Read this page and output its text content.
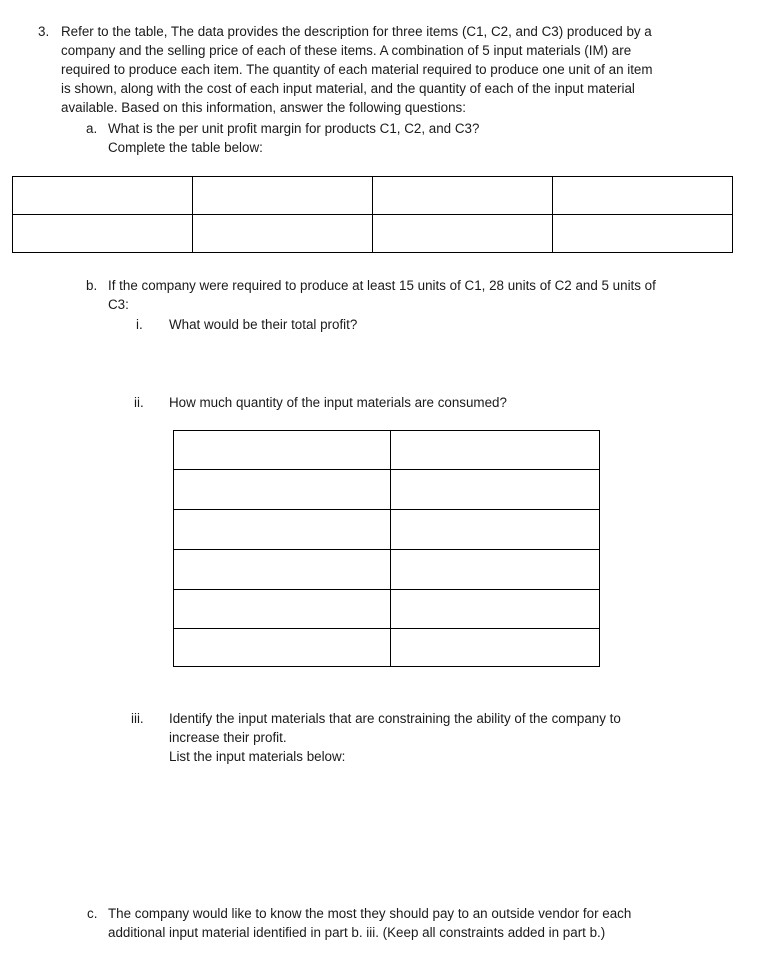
3. Refer to the table, The data provides the description for three items (C1, C2, and C3) produced by a
company and the selling price of each of these items. A combination of 5 input materials (IM) are
required to produce each item. The quantity of each material required to produce one unit of an item
is shown, along with the cost of each input material, and the quantity of each of the input material
available. Based on this information, answer the following questions:
a. What is the per unit profit margin for products C1, C2, and C3?
Complete the table below:

b. If the company were required to produce at least 15 units of C1, 28 units of C2 and 5 units of
C3:
i. What would be their total profit?
ii. How much quantity of the input materials are consumed?

iii. Identify the input materials that are constraining the ability of the company to
increase their profit.
List the input materials below:
c. The company would like to know the most they should pay to an outside vendor for each
additional input material identified in part b. iii. (Keep all constraints added in part b.)
